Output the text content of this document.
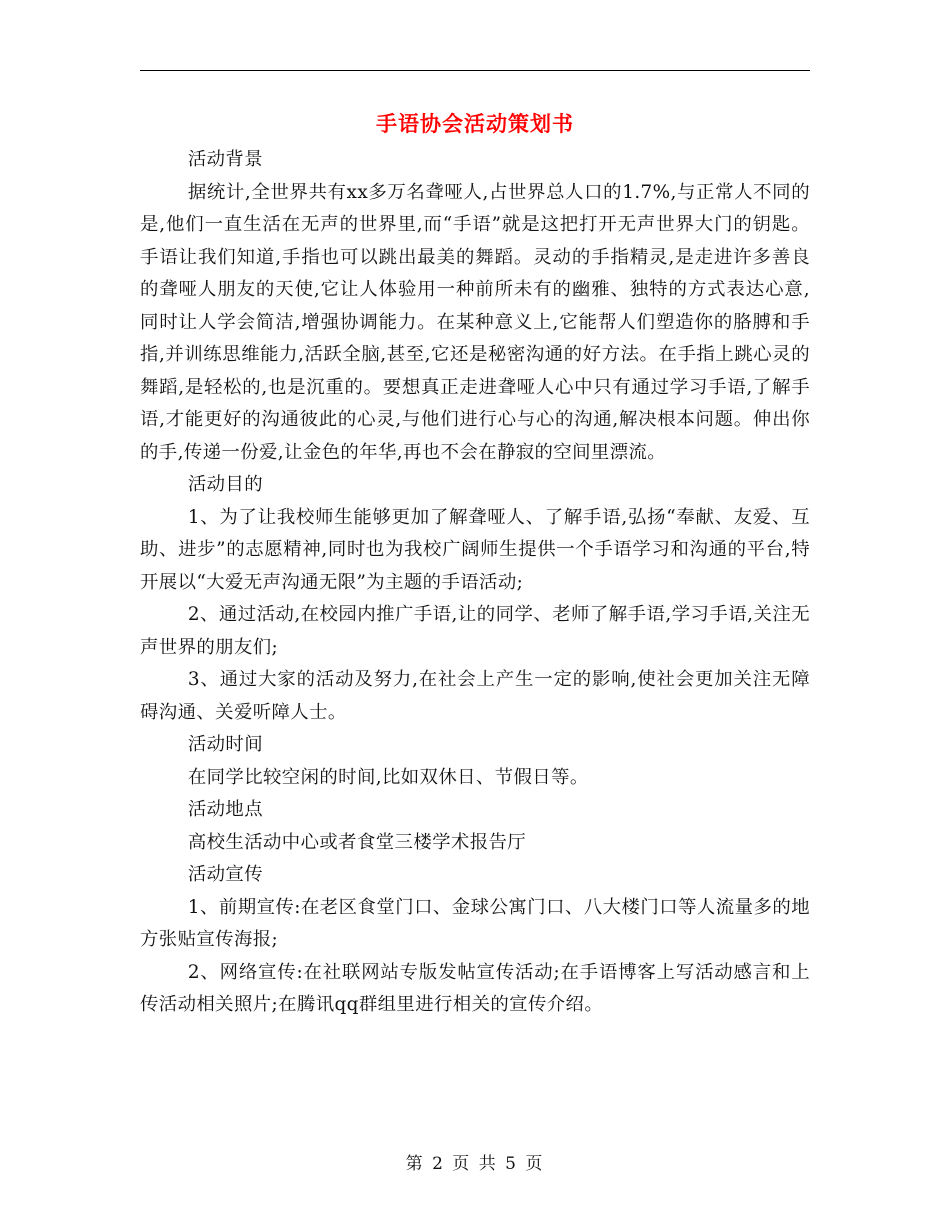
手语协会活动策划书

活动背景

据统计,全世界共有xx多万名聋哑人,占世界总人口的1.7%,与正常人不同的是,他们一直生活在无声的世界里,而“手语”就是这把打开无声世界大门的钥匙。手语让我们知道,手指也可以跳出最美的舞蹈。灵动的手指精灵,是走进许多善良的聋哑人朋友的天使,它让人体验用一种前所未有的幽雅、独特的方式表达心意,同时让人学会简洁,增强协调能力。在某种意义上,它能帮人们塑造你的胳膊和手指,并训练思维能力,活跃全脑,甚至,它还是秘密沟通的好方法。在手指上跳心灵的舞蹈,是轻松的,也是沉重的。要想真正走进聋哑人心中只有通过学习手语,了解手语,才能更好的沟通彼此的心灵,与他们进行心与心的沟通,解决根本问题。伸出你的手,传递一份爱,让金色的年华,再也不会在静寂的空间里漂流。

活动目的

1、为了让我校师生能够更加了解聋哑人、了解手语,弘扬“奉献、友爱、互助、进步”的志愿精神,同时也为我校广阔师生提供一个手语学习和沟通的平台,特开展以“大爱无声沟通无限”为主题的手语活动;

2、通过活动,在校园内推广手语,让的同学、老师了解手语,学习手语,关注无声世界的朋友们;

3、通过大家的活动及努力,在社会上产生一定的影响,使社会更加关注无障碍沟通、关爱听障人士。

活动时间

在同学比较空闲的时间,比如双休日、节假日等。

活动地点

高校生活动中心或者食堂三楼学术报告厅

活动宣传

1、前期宣传:在老区食堂门口、金球公寓门口、八大楼门口等人流量多的地方张贴宣传海报;

2、网络宣传:在社联网站专版发帖宣传活动;在手语博客上写活动感言和上传活动相关照片;在腾讯qq群组里进行相关的宣传介绍。

第 2 页 共 5 页
